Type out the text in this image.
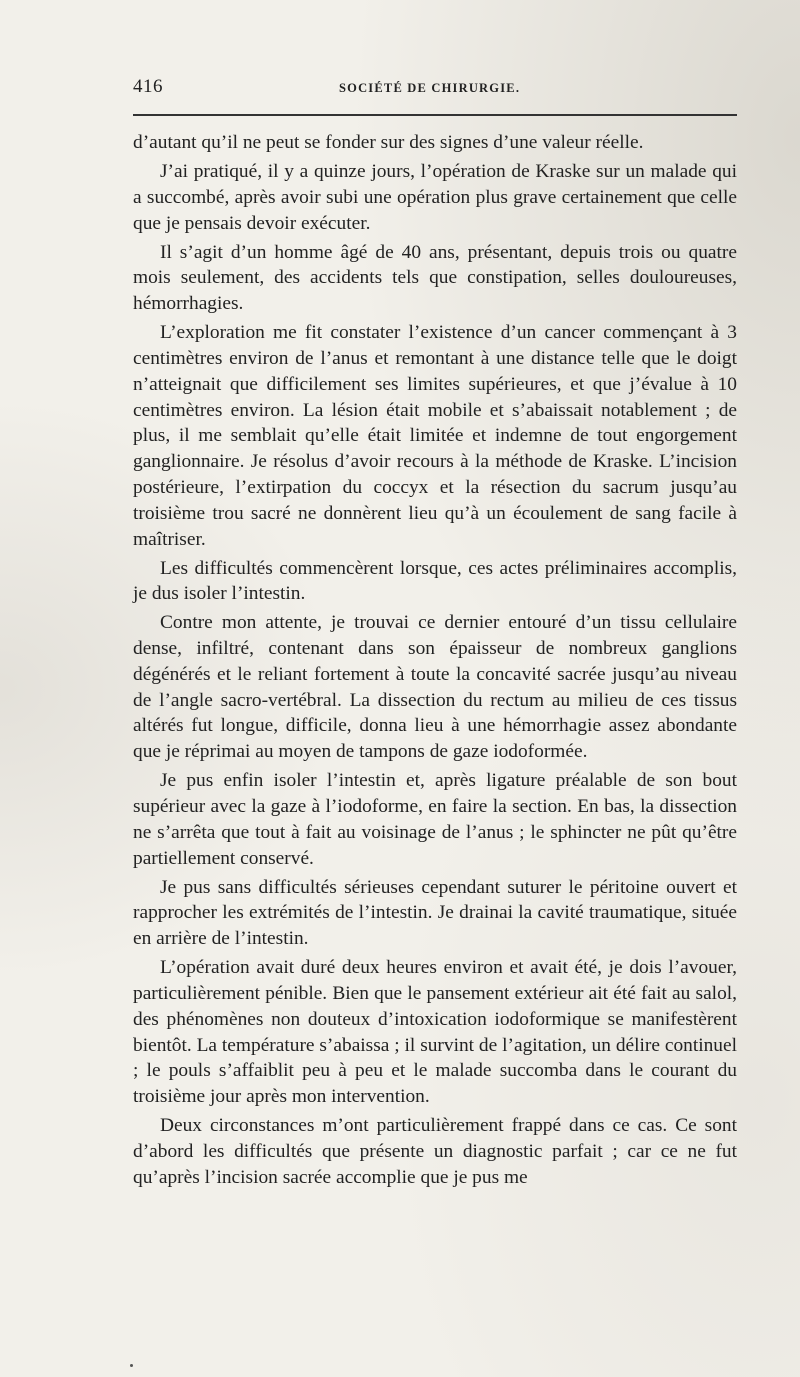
416	SOCIÉTÉ DE CHIRURGIE.

d’autant qu’il ne peut se fonder sur des signes d’une valeur réelle.

J’ai pratiqué, il y a quinze jours, l’opération de Kraske sur un malade qui a succombé, après avoir subi une opération plus grave certainement que celle que je pensais devoir exécuter.

Il s’agit d’un homme âgé de 40 ans, présentant, depuis trois ou quatre mois seulement, des accidents tels que constipation, selles douloureuses, hémorrhagies.

L’exploration me fit constater l’existence d’un cancer commençant à 3 centimètres environ de l’anus et remontant à une distance telle que le doigt n’atteignait que difficilement ses limites supérieures, et que j’évalue à 10 centimètres environ. La lésion était mobile et s’abaissait notablement ; de plus, il me semblait qu’elle était limitée et indemne de tout engorgement ganglionnaire. Je résolus d’avoir recours à la méthode de Kraske. L’incision postérieure, l’extirpation du coccyx et la résection du sacrum jusqu’au troisième trou sacré ne donnèrent lieu qu’à un écoulement de sang facile à maîtriser.

Les difficultés commencèrent lorsque, ces actes préliminaires accomplis, je dus isoler l’intestin.

Contre mon attente, je trouvai ce dernier entouré d’un tissu cellulaire dense, infiltré, contenant dans son épaisseur de nombreux ganglions dégénérés et le reliant fortement à toute la concavité sacrée jusqu’au niveau de l’angle sacro-vertébral. La dissection du rectum au milieu de ces tissus altérés fut longue, difficile, donna lieu à une hémorrhagie assez abondante que je réprimai au moyen de tampons de gaze iodoformée.

Je pus enfin isoler l’intestin et, après ligature préalable de son bout supérieur avec la gaze à l’iodoforme, en faire la section. En bas, la dissection ne s’arrêta que tout à fait au voisinage de l’anus ; le sphincter ne pût qu’être partiellement conservé.

Je pus sans difficultés sérieuses cependant suturer le péritoine ouvert et rapprocher les extrémités de l’intestin. Je drainai la cavité traumatique, située en arrière de l’intestin.

L’opération avait duré deux heures environ et avait été, je dois l’avouer, particulièrement pénible. Bien que le pansement extérieur ait été fait au salol, des phénomènes non douteux d’intoxication iodoformique se manifestèrent bientôt. La température s’abaissa ; il survint de l’agitation, un délire continuel ; le pouls s’affaiblit peu à peu et le malade succomba dans le courant du troisième jour après mon intervention.

Deux circonstances m’ont particulièrement frappé dans ce cas. Ce sont d’abord les difficultés que présente un diagnostic parfait ; car ce ne fut qu’après l’incision sacrée accomplie que je pus me
